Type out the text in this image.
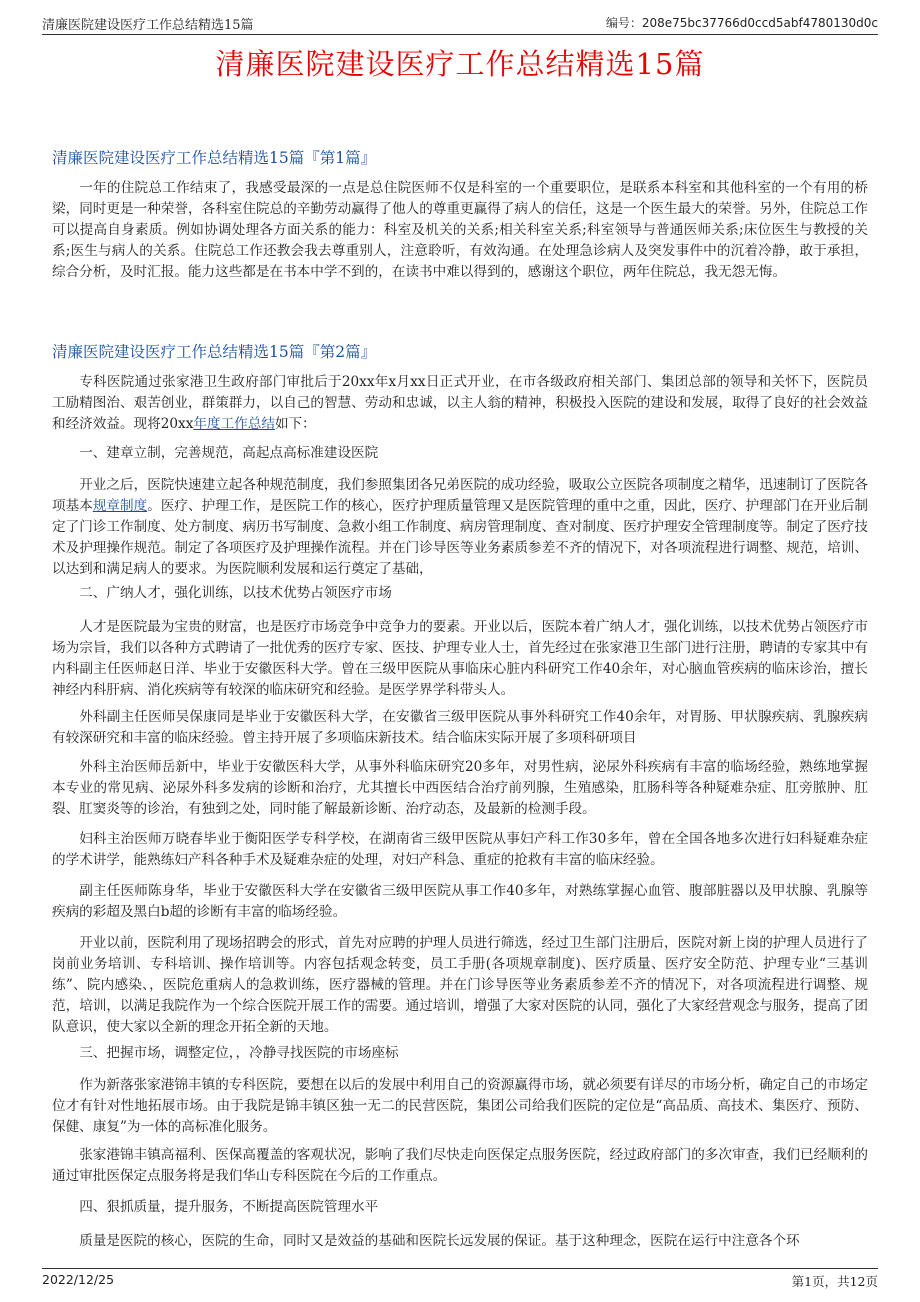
清廉医院建设医疗工作总结精选15篇	编号：208e75bc37766d0ccd5abf4780130d0c
清廉医院建设医疗工作总结精选15篇
清廉医院建设医疗工作总结精选15篇『第1篇』
一年的住院总工作结束了，我感受最深的一点是总住院医师不仅是科室的一个重要职位，是联系本科室和其他科室的一个有用的桥梁，同时更是一种荣誉，各科室住院总的辛勤劳动赢得了他人的尊重更赢得了病人的信任，这是一个医生最大的荣誉。另外，住院总工作可以提高自身素质。例如协调处理各方面关系的能力：科室及机关的关系;相关科室关系;科室领导与普通医师关系;床位医生与教授的关系;医生与病人的关系。住院总工作还教会我去尊重别人，注意聆听，有效沟通。在处理急诊病人及突发事件中的沉着冷静，敢于承担，综合分析，及时汇报。能力这些都是在书本中学不到的，在读书中难以得到的，感谢这个职位，两年住院总，我无怨无悔。
清廉医院建设医疗工作总结精选15篇『第2篇』
专科医院通过张家港卫生政府部门审批后于20xx年x月xx日正式开业，在市各级政府相关部门、集团总部的领导和关怀下，医院员工励精图治、艰苦创业，群策群力，以自己的智慧、劳动和忠诚，以主人翁的精神，积极投入医院的建设和发展，取得了良好的社会效益和经济效益。现将20xx年度工作总结如下：
一、建章立制，完善规范，高起点高标准建设医院
开业之后，医院快速建立起各种规范制度，我们参照集团各兄弟医院的成功经验，吸取公立医院各项制度之精华，迅速制订了医院各项基本规章制度。医疗、护理工作，是医院工作的核心，医疗护理质量管理又是医院管理的重中之重，因此，医疗、护理部门在开业后制定了门诊工作制度、处方制度、病历书写制度、急救小组工作制度、病房管理制度、查对制度、医疗护理安全管理制度等。制定了医疗技术及护理操作规范。制定了各项医疗及护理操作流程。并在门诊导医等业务素质参差不齐的情况下，对各项流程进行调整、规范，培训、以达到和满足病人的要求。为医院顺利发展和运行奠定了基础，
二、广纳人才，强化训练，以技术优势占领医疗市场
人才是医院最为宝贵的财富，也是医疗市场竞争中竞争力的要素。开业以后，医院本着广纳人才，强化训练，以技术优势占领医疗市场为宗旨，我们以各种方式聘请了一批优秀的医疗专家、医技、护理专业人士，首先经过在张家港卫生部门进行注册，聘请的专家其中有内科副主任医师赵日洋、毕业于安徽医科大学。曾在三级甲医院从事临床心脏内科研究工作40余年，对心脑血管疾病的临床诊治，擅长神经内科肝病、消化疾病等有较深的临床研究和经验。是医学界学科带头人。
外科副主任医师吴保康同是毕业于安徽医科大学，在安徽省三级甲医院从事外科研究工作40余年，对胃肠、甲状腺疾病、乳腺疾病有较深研究和丰富的临床经验。曾主持开展了多项临床新技术。结合临床实际开展了多项科研项目
外科主治医师岳新中，毕业于安徽医科大学，从事外科临床研究20多年，对男性病，泌尿外科疾病有丰富的临场经验，熟练地掌握本专业的常见病、泌尿外科多发病的诊断和治疗，尤其擅长中西医结合治疗前列腺，生殖感染，肛肠科等各种疑难杂症、肛旁脓肿、肛裂、肛窦炎等的诊治，有独到之处，同时能了解最新诊断、治疗动态，及最新的检测手段。
妇科主治医师万晓春毕业于衡阳医学专科学校，在湖南省三级甲医院从事妇产科工作30多年，曾在全国各地多次进行妇科疑难杂症的学术讲学，能熟练妇产科各种手术及疑难杂症的处理，对妇产科急、重症的抢救有丰富的临床经验。
副主任医师陈身华，毕业于安徽医科大学在安徽省三级甲医院从事工作40多年，对熟练掌握心血管、腹部脏器以及甲状腺、乳腺等疾病的彩超及黑白b超的诊断有丰富的临场经验。
开业以前，医院利用了现场招聘会的形式，首先对应聘的护理人员进行筛选，经过卫生部门注册后，医院对新上岗的护理人员进行了岗前业务培训、专科培训、操作培训等。内容包括观念转变，员工手册(各项规章制度)、医疗质量、医疗安全防范、护理专业“三基训练”、院内感染、，医院危重病人的急救训练，医疗器械的管理。并在门诊导医等业务素质参差不齐的情况下，对各项流程进行调整、规范，培训，以满足我院作为一个综合医院开展工作的需要。通过培训，增强了大家对医院的认同，强化了大家经营观念与服务，提高了团队意识，使大家以全新的理念开拓全新的天地。
三、把握市场，调整定位，，冷静寻找医院的市场座标
作为新落张家港锦丰镇的专科医院，要想在以后的发展中利用自己的资源赢得市场，就必须要有详尽的市场分析，确定自己的市场定位才有针对性地拓展市场。由于我院是锦丰镇区独一无二的民营医院，集团公司给我们医院的定位是“高品质、高技术、集医疗、预防、保健、康复”为一体的高标准化服务。
张家港锦丰镇高福利、医保高覆盖的客观状况，影响了我们尽快走向医保定点服务医院，经过政府部门的多次审查，我们已经顺利的通过审批医保定点服务将是我们华山专科医院在今后的工作重点。
四、狠抓质量，提升服务，不断提高医院管理水平
质量是医院的核心，医院的生命，同时又是效益的基础和医院长远发展的保证。基于这种理念，医院在运行中注意各个环
2022/12/25	第1页，共12页
